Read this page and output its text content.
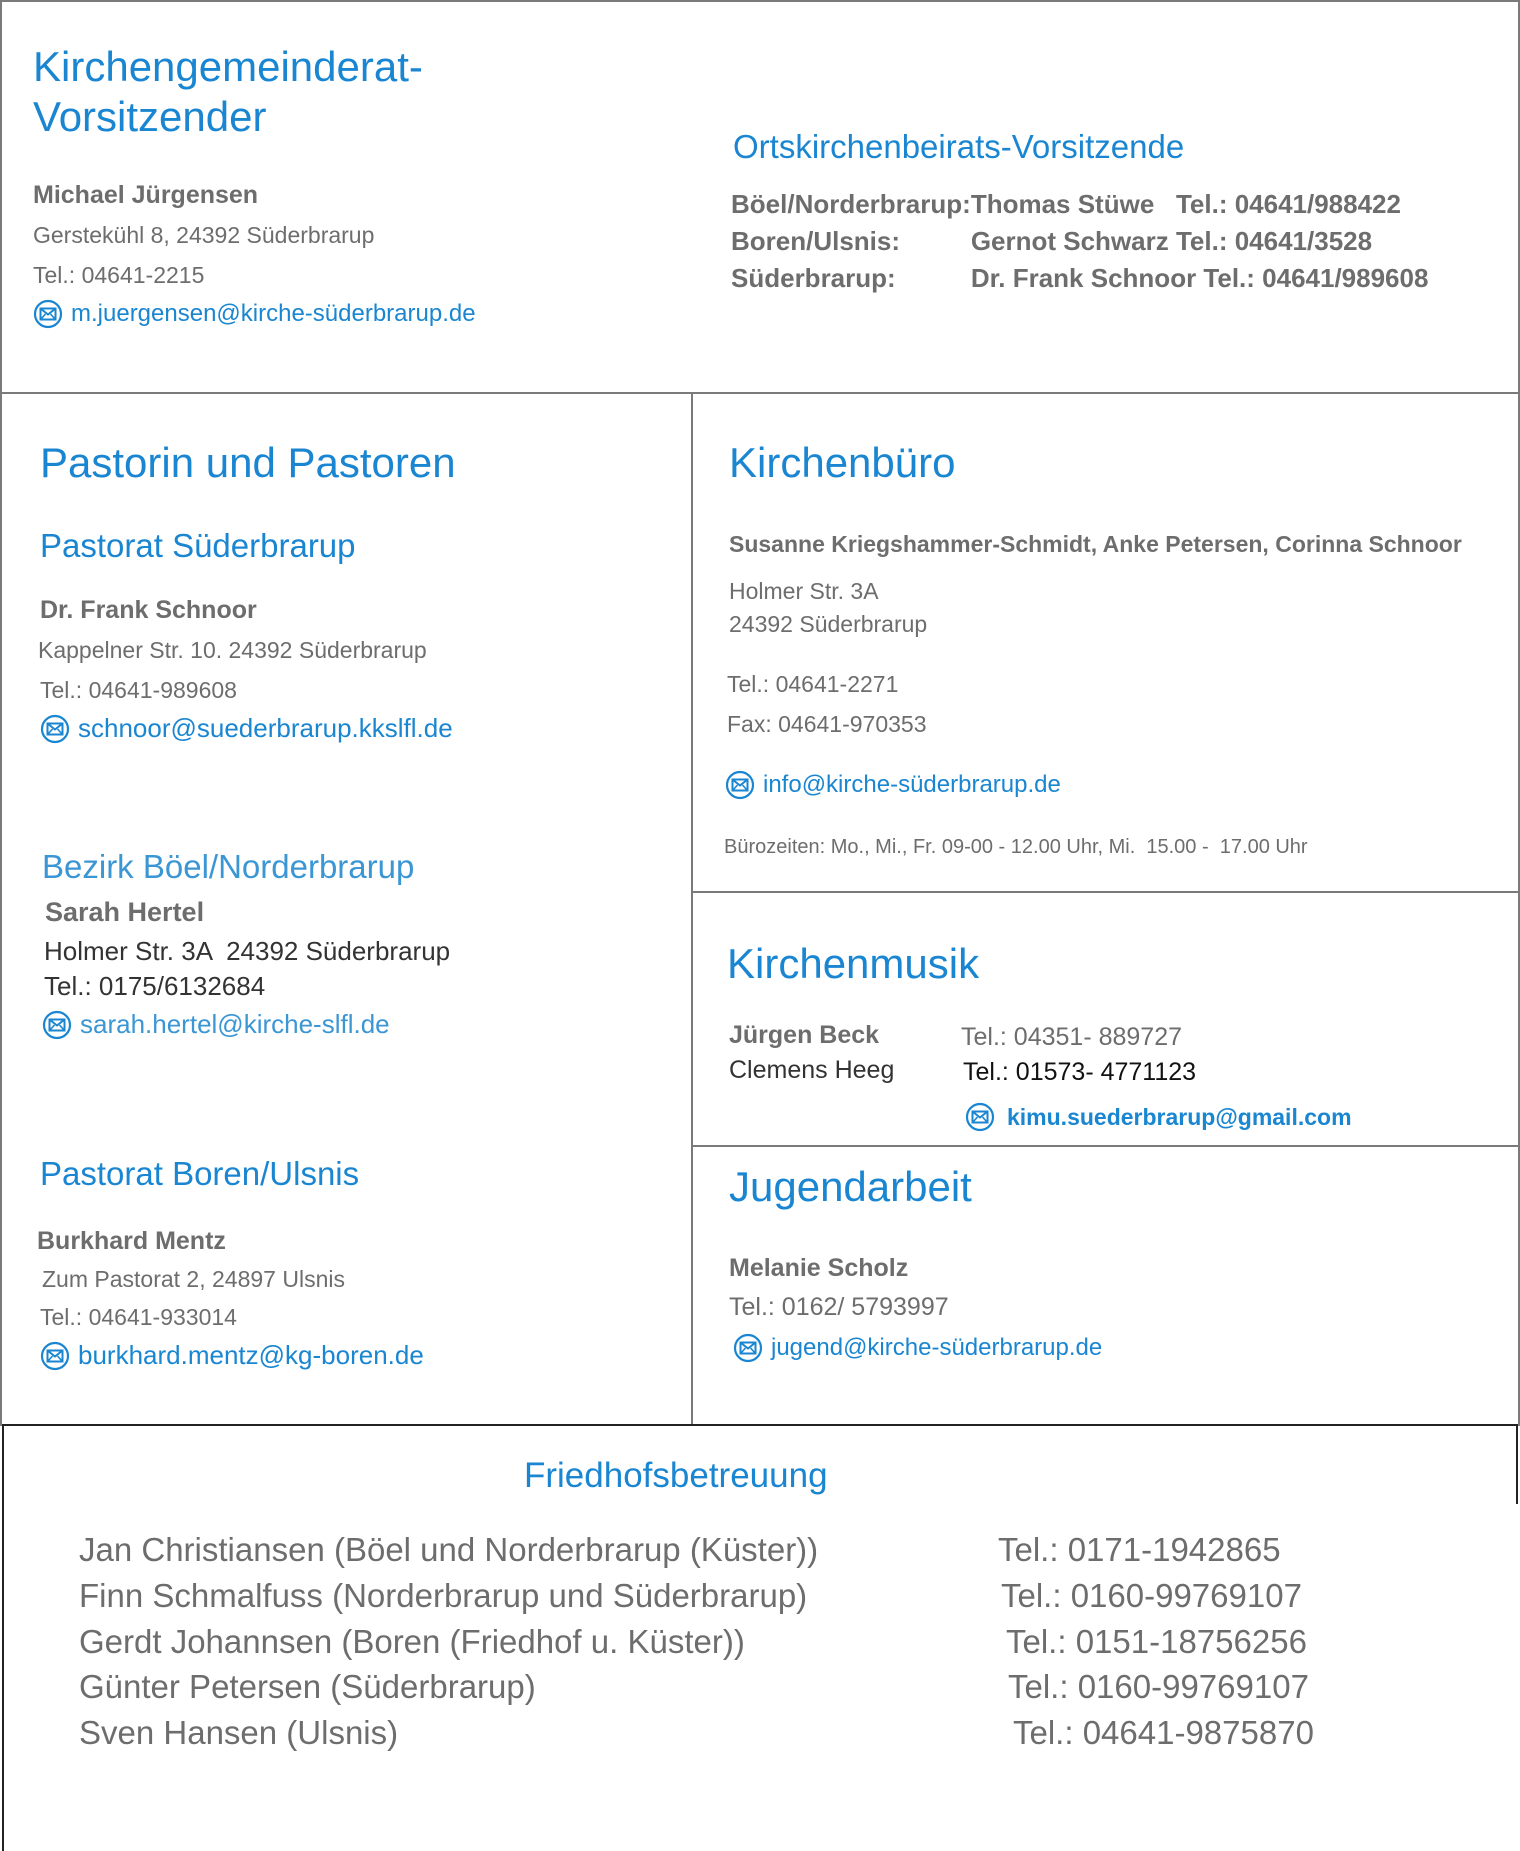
Kirchengemeinderat-
Vorsitzender
Michael Jürgensen
Gerstekühl 8, 24392 Süderbrarup
Tel.: 04641-2215
m.juergensen@kirche-süderbrarup.de
Ortskirchenbeirats-Vorsitzende
Böel/Norderbrarup:	Thomas Stüwe   Tel.: 04641/988422
Boren/Ulsnis:	Gernot Schwarz Tel.: 04641/3528
Süderbrarup:	Dr. Frank Schnoor Tel.: 04641/989608
Pastorin und Pastoren
Pastorat Süderbrarup
Dr. Frank Schnoor
Kappelner Str. 10. 24392 Süderbrarup
Tel.: 04641-989608
schnoor@suederbrarup.kkslfl.de
Bezirk Böel/Norderbrarup
Sarah Hertel
Holmer Str. 3A  24392 Süderbrarup
Tel.: 0175/6132684
sarah.hertel@kirche-slfl.de
Pastorat Boren/Ulsnis
Burkhard Mentz
Zum Pastorat 2, 24897 Ulsnis
Tel.: 04641-933014
burkhard.mentz@kg-boren.de
Kirchenbüro
Susanne Kriegshammer-Schmidt, Anke Petersen, Corinna Schnoor
Holmer Str. 3A
24392 Süderbrarup
Tel.: 04641-2271
Fax: 04641-970353
info@kirche-süderbrarup.de
Bürozeiten: Mo., Mi., Fr. 09-00 - 12.00 Uhr, Mi.  15.00 -  17.00 Uhr
Kirchenmusik
Jürgen Beck	Tel.: 04351- 889727
Clemens Heeg	Tel.: 01573- 4771123
kimu.suederbrarup@gmail.com
Jugendarbeit
Melanie Scholz
Tel.: 0162/ 5793997
jugend@kirche-süderbrarup.de
Friedhofsbetreuung
Jan Christiansen (Böel und Norderbrarup (Küster))	Tel.: 0171-1942865
Finn Schmalfuss (Norderbrarup und Süderbrarup)	Tel.: 0160-99769107
Gerdt Johannsen (Boren (Friedhof u. Küster))	Tel.: 0151-18756256
Günter Petersen (Süderbrarup)	Tel.: 0160-99769107
Sven Hansen (Ulsnis)	Tel.: 04641-9875870
